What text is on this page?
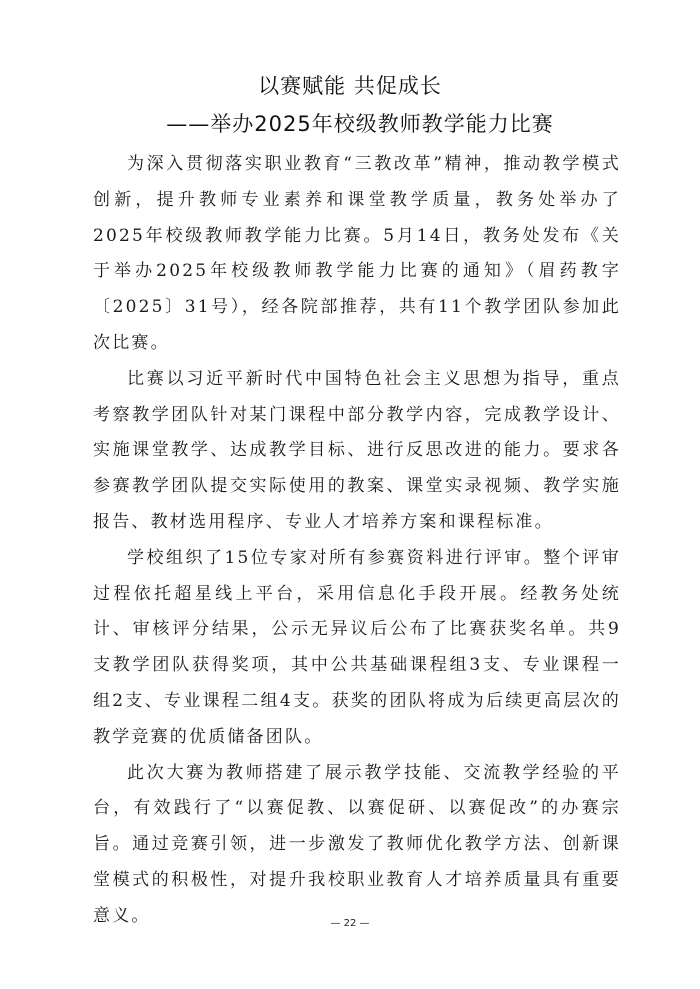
以赛赋能 共促成长
——举办2025年校级教师教学能力比赛

为深入贯彻落实职业教育“三教改革”精神，推动教学模式创新，提升教师专业素养和课堂教学质量，教务处举办了2025年校级教师教学能力比赛。5月14日，教务处发布《关于举办2025年校级教师教学能力比赛的通知》（眉药教字〔2025〕31号），经各院部推荐，共有11个教学团队参加此次比赛。

比赛以习近平新时代中国特色社会主义思想为指导，重点考察教学团队针对某门课程中部分教学内容，完成教学设计、实施课堂教学、达成教学目标、进行反思改进的能力。要求各参赛教学团队提交实际使用的教案、课堂实录视频、教学实施报告、教材选用程序、专业人才培养方案和课程标准。

学校组织了15位专家对所有参赛资料进行评审。整个评审过程依托超星线上平台，采用信息化手段开展。经教务处统计、审核评分结果，公示无异议后公布了比赛获奖名单。共9支教学团队获得奖项，其中公共基础课程组3支、专业课程一组2支、专业课程二组4支。获奖的团队将成为后续更高层次的教学竞赛的优质储备团队。

此次大赛为教师搭建了展示教学技能、交流教学经验的平台，有效践行了“以赛促教、以赛促研、以赛促改”的办赛宗旨。通过竞赛引领，进一步激发了教师优化教学方法、创新课堂模式的积极性，对提升我校职业教育人才培养质量具有重要意义。	— 22 —
